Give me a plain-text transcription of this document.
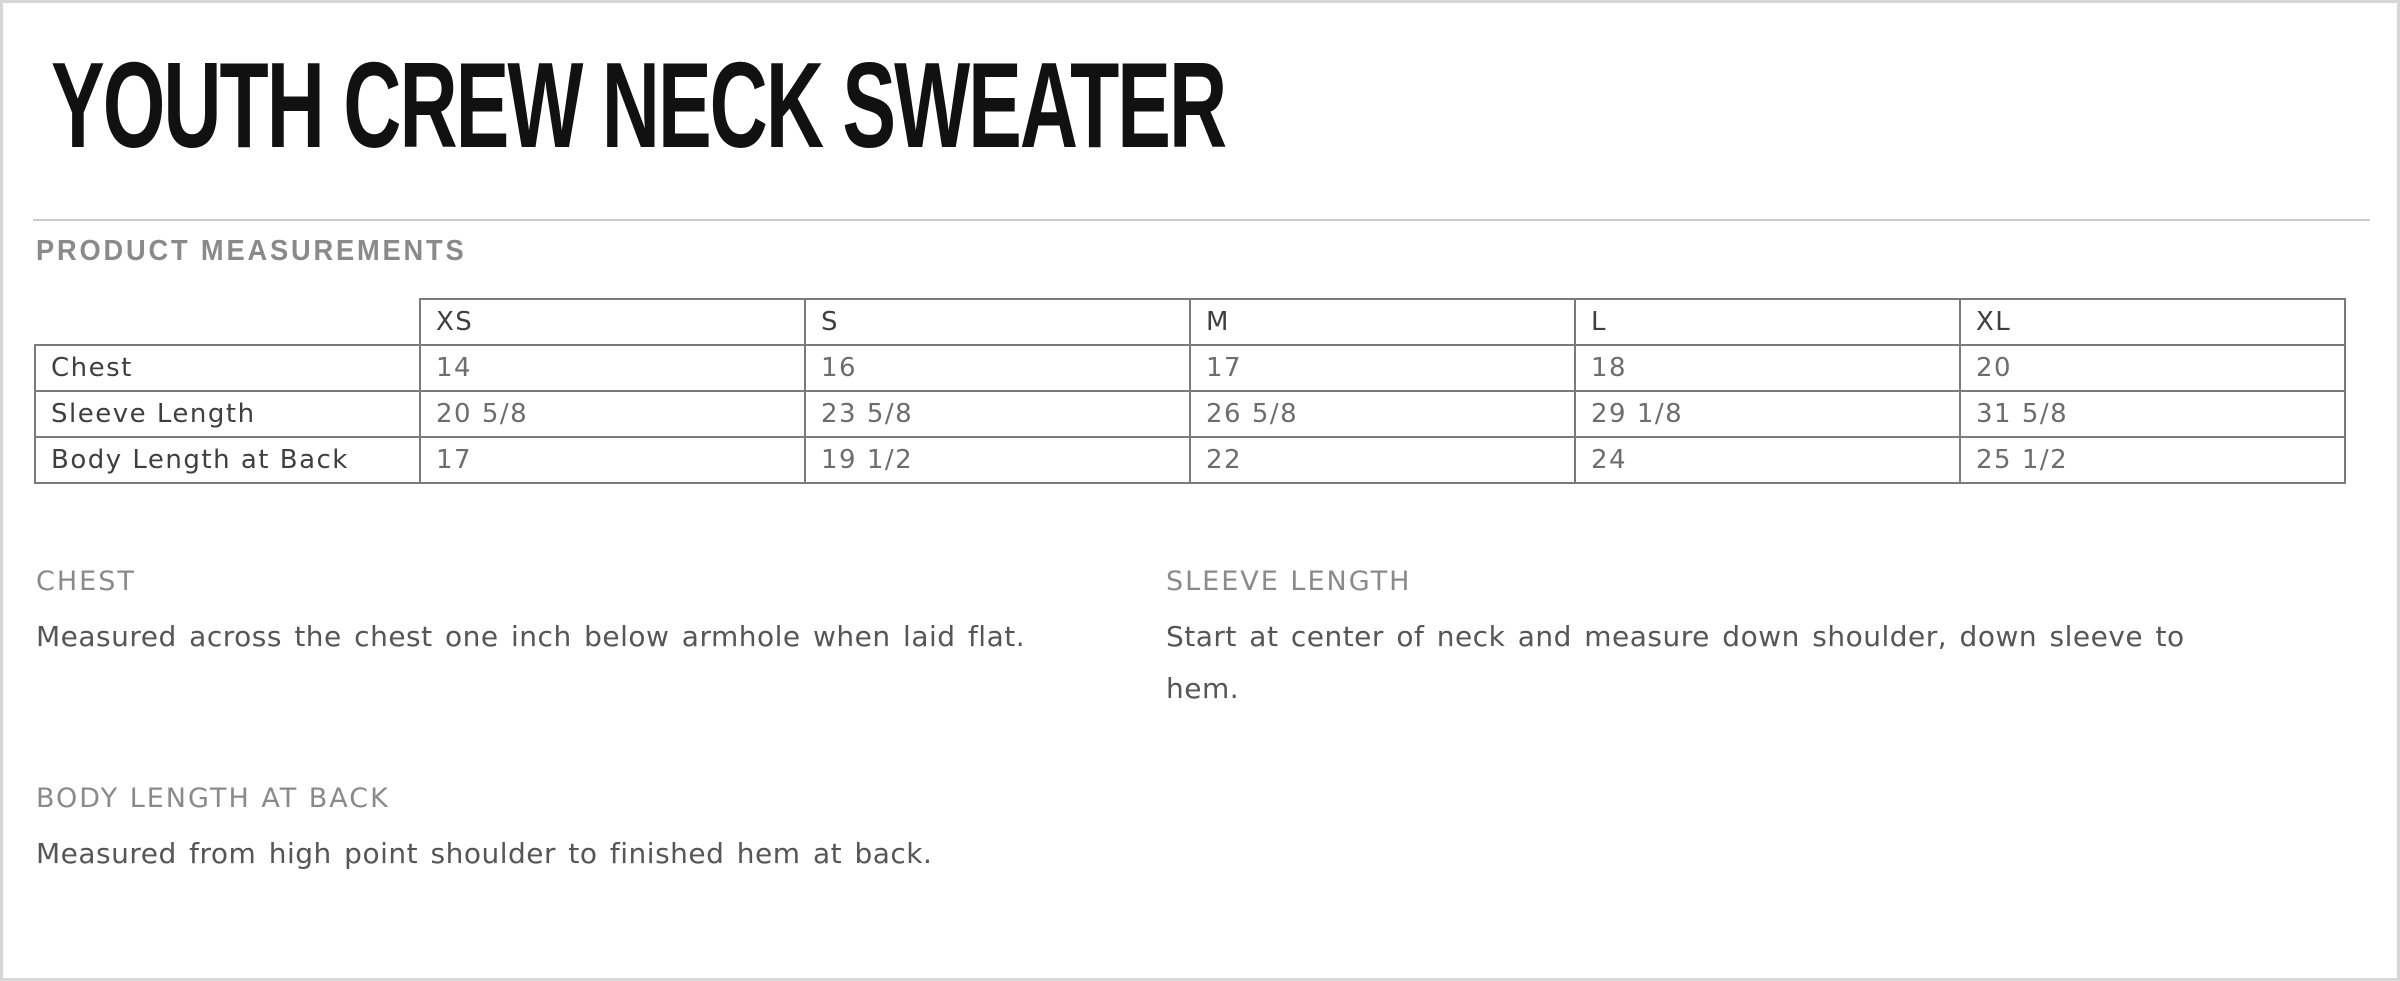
YOUTH CREW NECK SWEATER
PRODUCT MEASUREMENTS
	XS	S	M	L	XL
Chest	14	16	17	18	20
Sleeve Length	20 5/8	23 5/8	26 5/8	29 1/8	31 5/8
Body Length at Back	17	19 1/2	22	24	25 1/2
CHEST

Measured across the chest one inch below armhole when laid flat.

SLEEVE LENGTH

Start at center of neck and measure down shoulder, down sleeve to hem.

BODY LENGTH AT BACK

Measured from high point shoulder to finished hem at back.
